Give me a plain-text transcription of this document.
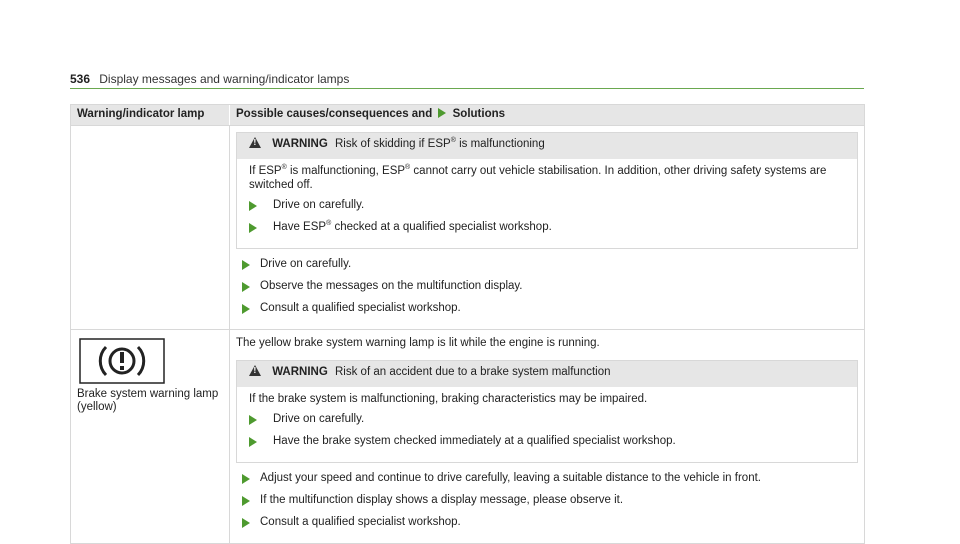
536 Display messages and warning/indicator lamps
Warning/indicator lamp	Possible causes/consequences and Solutions
! WARNING Risk of skidding if ESP® is malfunctioning

If ESP® is malfunctioning, ESP® cannot carry out vehicle stabilisation. In addition, other driving safety systems are switched off.

Drive on carefully.
Have ESP® checked at a qualified specialist workshop.
Drive on carefully.
Observe the messages on the multifunction display.
Consult a qualified specialist workshop.
Brake system warning lamp (yellow)

The yellow brake system warning lamp is lit while the engine is running.

! WARNING Risk of an accident due to a brake system malfunction

If the brake system is malfunctioning, braking characteristics may be impaired.

Drive on carefully.
Have the brake system checked immediately at a qualified specialist workshop.
Adjust your speed and continue to drive carefully, leaving a suitable distance to the vehicle in front.
If the multifunction display shows a display message, please observe it.
Consult a qualified specialist workshop.
